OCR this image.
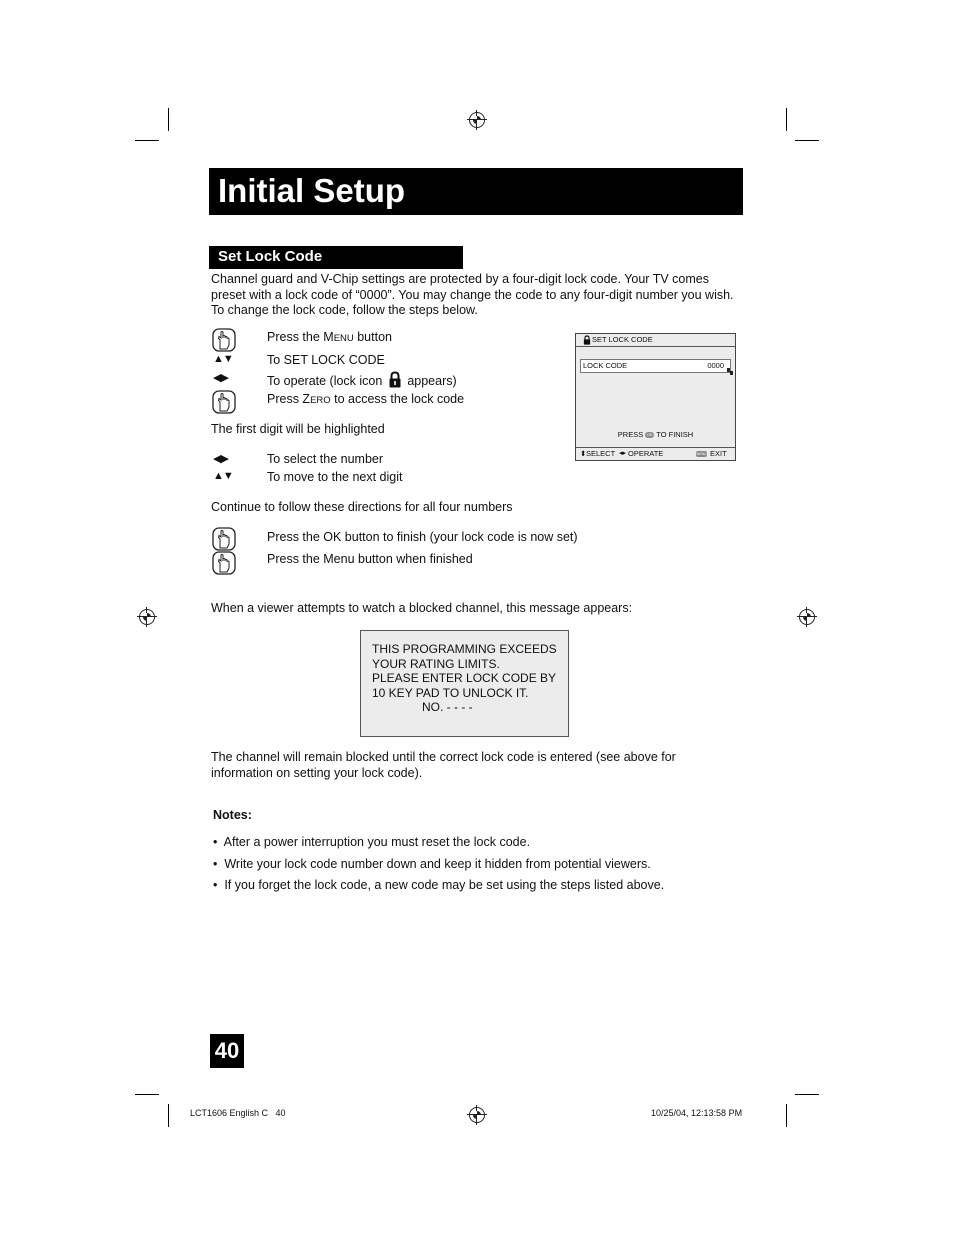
Initial Setup
Set Lock Code
Channel guard and V-Chip settings are protected by a four-digit lock code. Your TV comes
preset with a lock code of “0000”. You may change the code to any four-digit number you wish.
To change the lock code, follow the steps below.
▲▼
◀▶
◀▶
▲▼
Press the MENU button
To SET LOCK CODE
To operate (lock icon appears)
Press ZERO to access the lock code
The first digit will be highlighted
To select the number
To move to the next digit
Continue to follow these directions for all four numbers
Press the OK button to finish (your lock code is now set)
Press the Menu button when finished
SET LOCK CODE
LOCK CODE	0000
PRESS OK TO FINISH
⬍ SELECT ◂▸ OPERATE	MENU EXIT
When a viewer attempts to watch a blocked channel, this message appears:
THIS PROGRAMMING EXCEEDS
YOUR RATING LIMITS.
PLEASE ENTER LOCK CODE BY
10 KEY PAD TO UNLOCK IT.
NO. - - - -
The channel will remain blocked until the correct lock code is entered (see above for
information on setting your lock code).
Notes:
•  After a power interruption you must reset the lock code.
•  Write your lock code number down and keep it hidden from potential viewers.
•  If you forget the lock code, a new code may be set using the steps listed above.
40
LCT1606 English C   40	10/25/04, 12:13:58 PM
